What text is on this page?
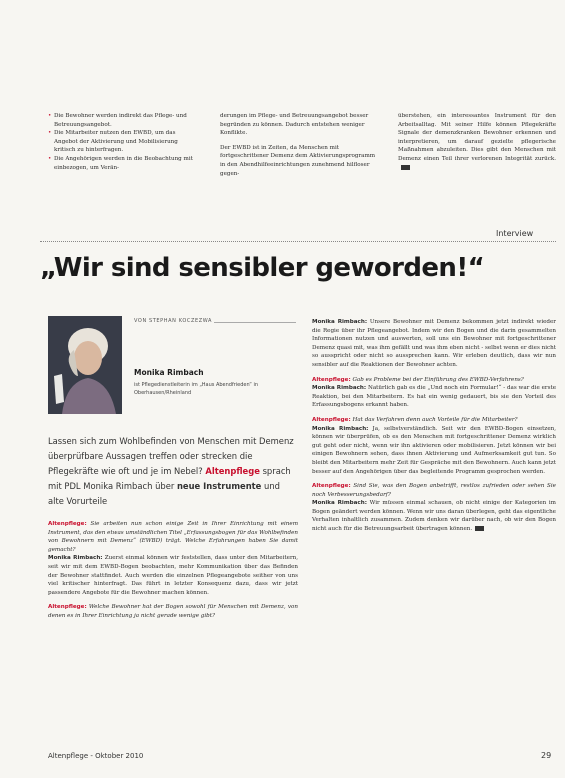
• Die Bewohner werden indirekt das Pflege- und Betreuungsangebot.

• Die Mitarbeiter nutzen den EWBD, um das Angebot der Aktivierung und Mobilisierung kritisch zu hinterfragen.

• Die Angehörigen werden in die Beobachtung mit einbezogen, um Verän-

derungen im Pflege- und Betreuungsangebot besser begründen zu können. Dadurch entstehen weniger Konflikte.

Der EWBD ist in Zeiten, da Menschen mit fortgeschrittener Demenz dem Aktivierungsprogramm in den Abendhilfeeinrichtungen zunehmend hilfloser gegen-

überstehen, ein interessantes Instrument für den Arbeitsalltag. Mit seiner Hilfe können Pflegekräfte Signale der demenzkranken Bewohner erkennen und interpretieren, um darauf gezielte pflegerische Maßnahmen abzuleiten. Dies gibt den Menschen mit Demenz einen Teil ihrer verlorenen Integrität zurück.

Interview
„Wir sind sensibler geworden!“
VON STEPHAN KOCZEZWA
Monika Rimbach
ist Pflegedienstleiterin im „Haus Abendfrieden“ in Oberhausen/Rheinland
Lassen sich zum Wohlbefinden von Menschen mit Demenz überprüfbare Aussagen treffen oder strecken die Pflegekräfte wie oft und je im Nebel? Altenpflege sprach mit PDL Monika Rimbach über neue Instrumente und alte Vorurteile

Altenpflege: Sie arbeiten nun schon einige Zeit in Ihrer Einrichtung mit einem Instrument, das den etwas umständlichen Titel „Erfassungsbogen für das Wohlbefinden von Bewohnern mit Demenz“ (EWBD) trägt. Welche Erfahrungen haben Sie damit gemacht?

Monika Rimbach: Zuerst einmal können wir feststellen, dass unter den Mitarbeitern, seit wir mit dem EWBD-Bogen beobachten, mehr Kommunikation über das Befinden der Bewohner stattfindet. Auch werden die einzelnen Pflegeangebote seither von uns viel kritischer hinterfragt. Das führt in letzter Konsequenz dazu, dass wir jetzt passendere Angebote für die Bewohner machen können.

Altenpflege: Welche Bewohner hat der Bogen sowohl für Menschen mit Demenz, von denen es in Ihrer Einrichtung ja nicht gerade wenige gibt?

Monika Rimbach: Unsere Bewohner mit Demenz bekommen jetzt indirekt wieder die Regie über ihr Pflegeangebot. Indem wir den Bogen und die darin gesammelten Informationen nutzen und auswerten, soll uns ein Bewohner mit fortgeschrittener Demenz quasi mit, was ihm gefällt und was ihm eben nicht - selbst wenn er dies nicht so ausspricht oder nicht so aussprechen kann. Wir erleben deutlich, dass wir nun sensibler auf die Reaktionen der Bewohner achten.

Altenpflege: Gab es Probleme bei der Einführung des EWBD-Verfahrens?

Monika Rimbach: Natürlich gab es die „Und noch ein Formular!“ - das war die erste Reaktion, bei den Mitarbeitern. Es hat ein wenig gedauert, bis sie den Vorteil des Erfassungsbogens erkannt haben.

Altenpflege: Hat das Verfahren denn auch Vorteile für die Mitarbeiter?

Monika Rimbach: Ja, selbstverständlich. Seit wir den EWBD-Bogen einsetzen, können wir überprüfen, ob es den Menschen mit fortgeschrittener Demenz wirklich gut geht oder nicht, wenn wir ihn aktivieren oder mobilisieren. Jetzt können wir bei einigen Bewohnern sehen, dass ihnen Aktivierung und Aufmerksamkeit gut tun. So bleibt den Mitarbeitern mehr Zeit für Gespräche mit den Bewohnern. Auch kann jetzt besser auf den Angehörigen über das begleitende Programm gesprochen werden.

Altenpflege: Sind Sie, was den Bogen anbetrifft, restlos zufrieden oder sehen Sie noch Verbesserungsbedarf?

Monika Rimbach: Wir müssen einmal schauen, ob nicht einige der Kategorien im Bogen geändert werden können. Wenn wir uns daran überlegen, geht das eigentliche Verhalten inhaltlich zusammen. Zudem denken wir darüber nach, ob wir den Bogen nicht auch für die Betreuungsarbeit übertragen können.

Altenpflege - Oktober 2010	29
